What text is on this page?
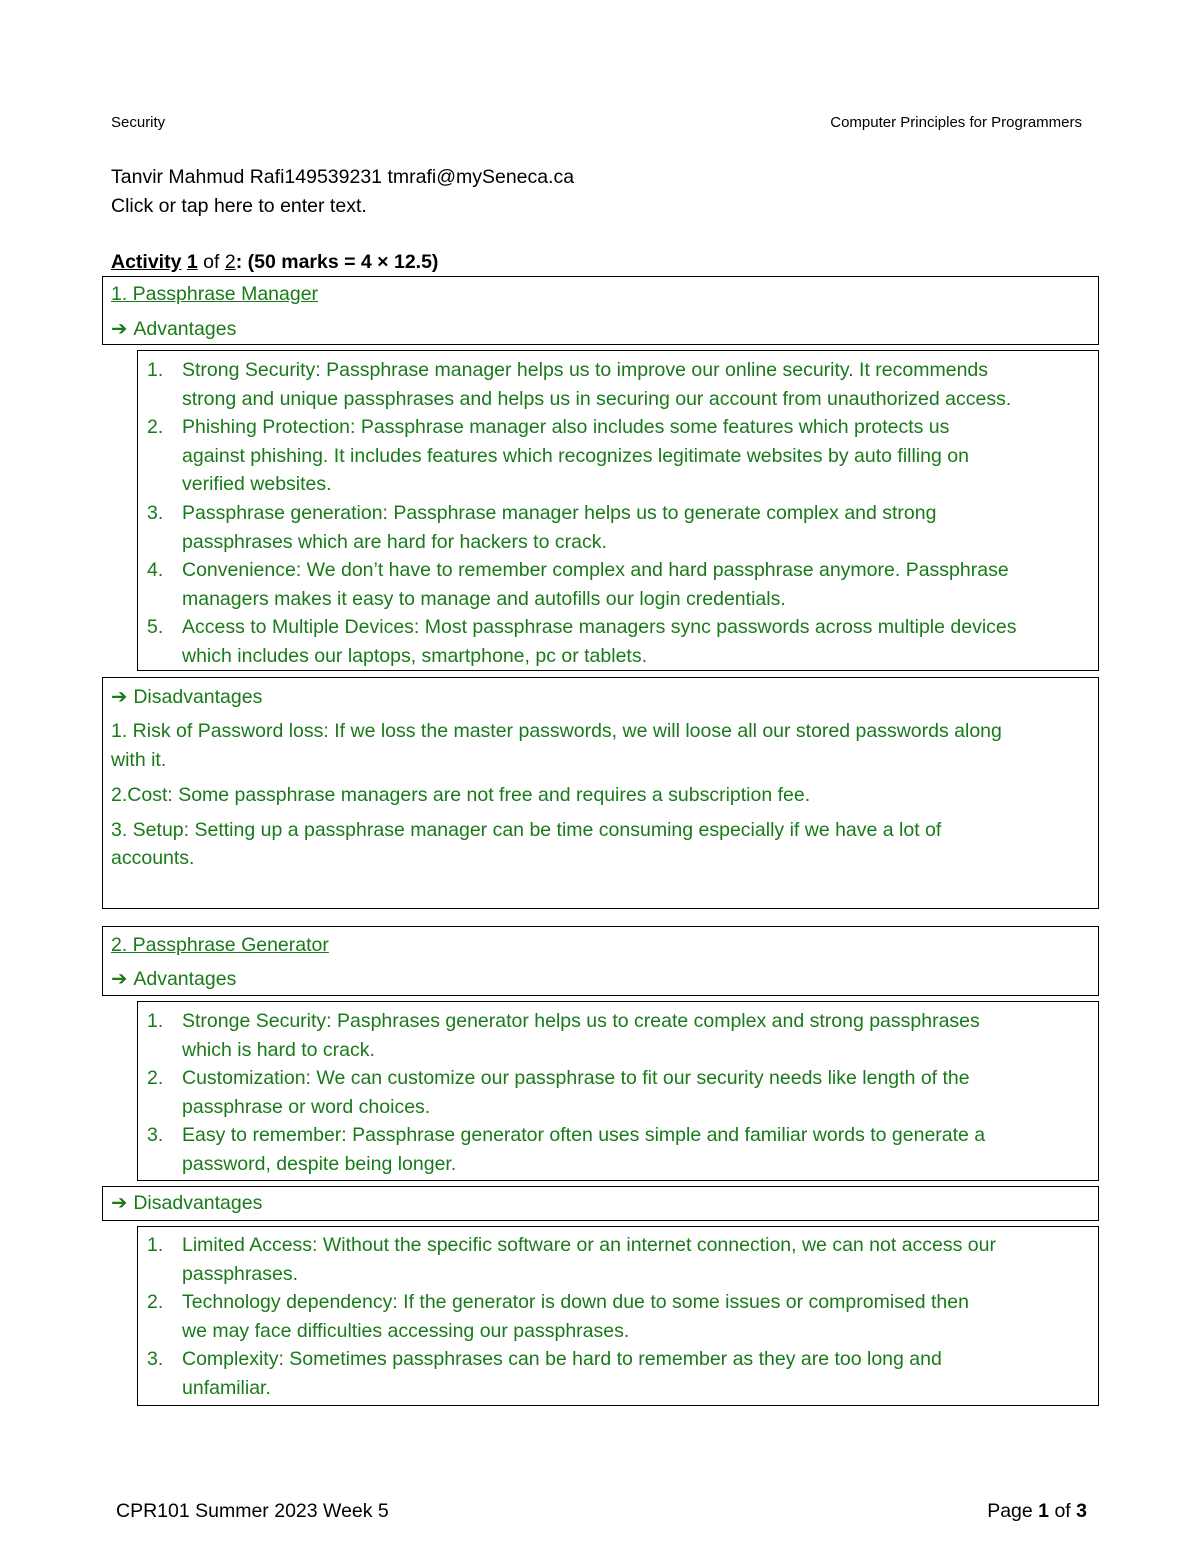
Security	Computer Principles for Programmers
Tanvir Mahmud Rafi149539231 tmrafi@mySeneca.ca
Click or tap here to enter text.
Activity 1 of 2: (50 marks = 4 × 12.5)
1. Passphrase Manager
➔ Advantages
1. Strong Security: Passphrase manager helps us to improve our online security. It recommends
strong and unique passphrases and helps us in securing our account from unauthorized access.
2. Phishing Protection: Passphrase manager also includes some features which protects us
against phishing. It includes features which recognizes legitimate websites by auto filling on
verified websites.
3. Passphrase generation: Passphrase manager helps us to generate complex and strong
passphrases which are hard for hackers to crack.
4. Convenience: We don’t have to remember complex and hard passphrase anymore. Passphrase
managers makes it easy to manage and autofills our login credentials.
5. Access to Multiple Devices: Most passphrase managers sync passwords across multiple devices
which includes our laptops, smartphone, pc or tablets.
➔ Disadvantages
1. Risk of Password loss: If we loss the master passwords, we will loose all our stored passwords along
with it.
2.Cost: Some passphrase managers are not free and requires a subscription fee.
3. Setup: Setting up a passphrase manager can be time consuming especially if we have a lot of
accounts.
2. Passphrase Generator
➔ Advantages
1. Stronge Security: Pasphrases generator helps us to create complex and strong passphrases
which is hard to crack.
2. Customization: We can customize our passphrase to fit our security needs like length of the
passphrase or word choices.
3. Easy to remember: Passphrase generator often uses simple and familiar words to generate a
password, despite being longer.
➔ Disadvantages
1. Limited Access: Without the specific software or an internet connection, we can not access our
passphrases.
2. Technology dependency: If the generator is down due to some issues or compromised then
we may face difficulties accessing our passphrases.
3. Complexity: Sometimes passphrases can be hard to remember as they are too long and
unfamiliar.
CPR101 Summer 2023 Week 5	Page 1 of 3
